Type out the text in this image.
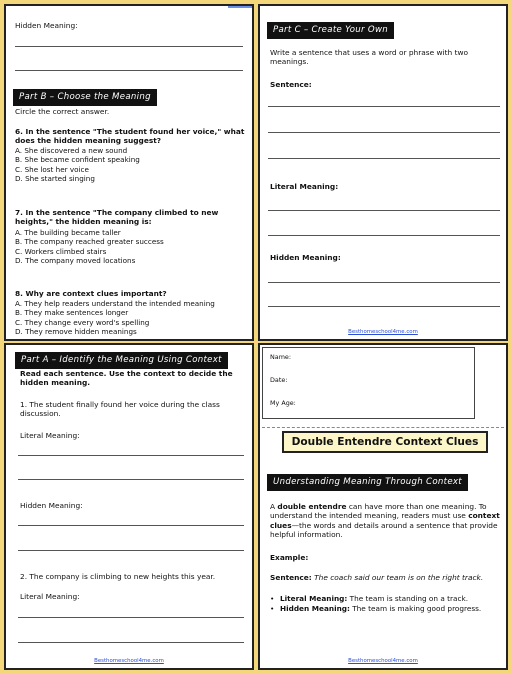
Hidden Meaning:
Part B – Choose the Meaning
Circle the correct answer.
6. In the sentence "The student found her voice," what does the hidden meaning suggest?
A. She discovered a new sound
B. She became confident speaking
C. She lost her voice
D. She started singing
7. In the sentence "The company climbed to new heights," the hidden meaning is:
A. The building became taller
B. The company reached greater success
C. Workers climbed stairs
D. The company moved locations
8. Why are context clues important?
A. They help readers understand the intended meaning
B. They make sentences longer
C. They change every word's spelling
D. They remove hidden meanings
Part C – Create Your Own
Write a sentence that uses a word or phrase with two meanings.
Sentence:
Literal Meaning:
Hidden Meaning:
Besthomeschool4me.com
Part A – Identify the Meaning Using Context
Read each sentence. Use the context to decide the hidden meaning.
1. The student finally found her voice during the class discussion.
Literal Meaning:
Hidden Meaning:
2. The company is climbing to new heights this year.
Literal Meaning:
Besthomeschool4me.com
Name:
Date:
My Age:
Double Entendre Context Clues
Understanding Meaning Through Context
A double entendre can have more than one meaning. To understand the intended meaning, readers must use context clues—the words and details around a sentence that provide helpful information.
Example:
Sentence: The coach said our team is on the right track.
• Literal Meaning: The team is standing on a track.
• Hidden Meaning: The team is making good progress.
Besthomeschool4me.com
